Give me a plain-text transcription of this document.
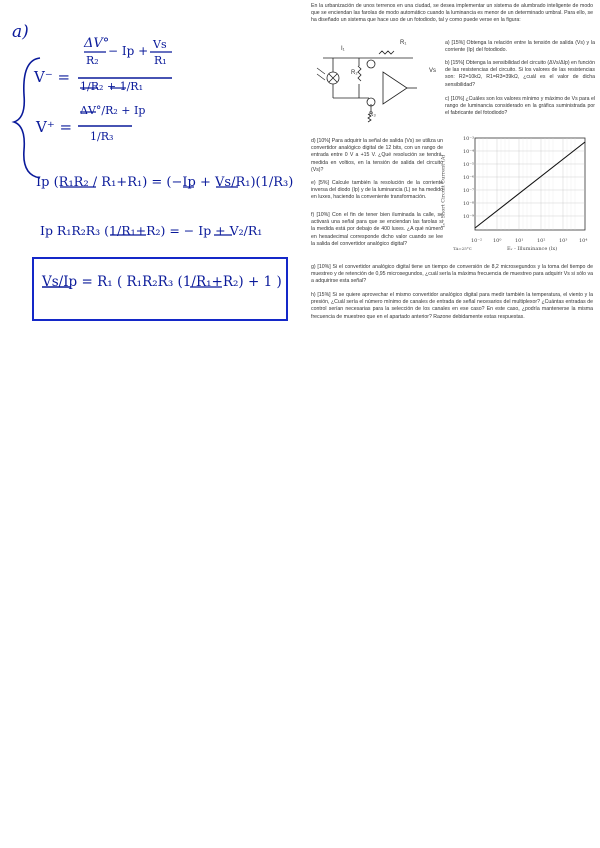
a)
V⁻ =
ΔV°
R₂
− Ip + Vs
R₁
1/R₂ + 1/R₁
V⁺ =
ΔV°/R₂ + Ip
1/R₃
Ip (R₁R₂ / R₁+R₁) = (−Ip + Vs/R₁)(1/R₃)
Ip R₁R₂R₃ (1/R₁+R₂) = − Ip + V₂/R₁
Vs/Ip = R₁ ( R₁R₂R₃ (1/R₁+R₂) + 1 )
En la urbanización de unos terrenos en una ciudad, se desea implementar un sistema de alumbrado inteligente de modo que se enciendan las farolas de modo automático cuando la luminancia es menor de un determinado umbral. Para ello, se ha diseñado un sistema que hace uso de un fotodiodo, tal y como puede verse en la figura:
R₁
R₂
R₃
I₁
Vs
a) [15%] Obtenga la relación entre la tensión de salida (Vs) y la corriente (Ip) del fotodiodo.
b) [15%] Obtenga la sensibilidad del circuito (ΔVs/ΔIp) en función de las resistencias del circuito. Si los valores de las resistencias son: R2=10kΩ, R1=R3=39kΩ, ¿cuál es el valor de dicha sensibilidad?
c) [10%] ¿Cuáles son los valores mínimo y máximo de Vs para el rango de luminancia considerado en la gráfica suministrada por el fabricante del fotodiodo?
d) [10%] Para adquirir la señal de salida (Vs) se utiliza un convertidor analógico digital de 12 bits, con un rango de entrada entre 0 V a +15 V. ¿Qué resolución se tendrá, medida en voltios, en la tensión de salida del circuito (Vs)?
e) [5%] Calcule también la resolución de la corriente inversa del diodo (Ip) y de la luminancia (L) se ha medido en luxes, haciendo la conveniente transformación.
f) [10%] Con el fin de tener bien iluminada la calle, se activará una señal para que se enciendan las farolas si la medida está por debajo de 400 luxes. ¿A qué número en hexadecimal corresponde dicho valor cuando se lee la salida del convertidor analógico digital?
Iₙ - Short Circuit Current (A)
Eᵥ - Illuminance (lx)
TA=25°C
10⁻² 10⁰	10¹	10²	10³ 10⁴
10⁻³
10⁻⁴
10⁻⁵
10⁻⁶
10⁻⁷
10⁻⁸
10⁻⁹
g) [10%] Si el convertidor analógico digital tiene un tiempo de conversión de 8,2 microsegundos y la toma del tiempo de muestreo y de retención de 0,95 microsegundos, ¿cuál sería la máxima frecuencia de muestreo para adquirir Vs si sólo va a adquirirse esta señal?
h) [15%] Si se quiere aprovechar el mismo convertidor analógico digital para medir también la temperatura, el viento y la presión, ¿Cuál sería el número mínimo de canales de entrada de señal necesarios del multiplexor? ¿Cuántas entradas de control serían necesarias para la selección de los canales en ese caso? En este caso, ¿podría mantenerse la misma frecuencia de muestreo que en el apartado anterior? Razone debidamente estas respuestas.
